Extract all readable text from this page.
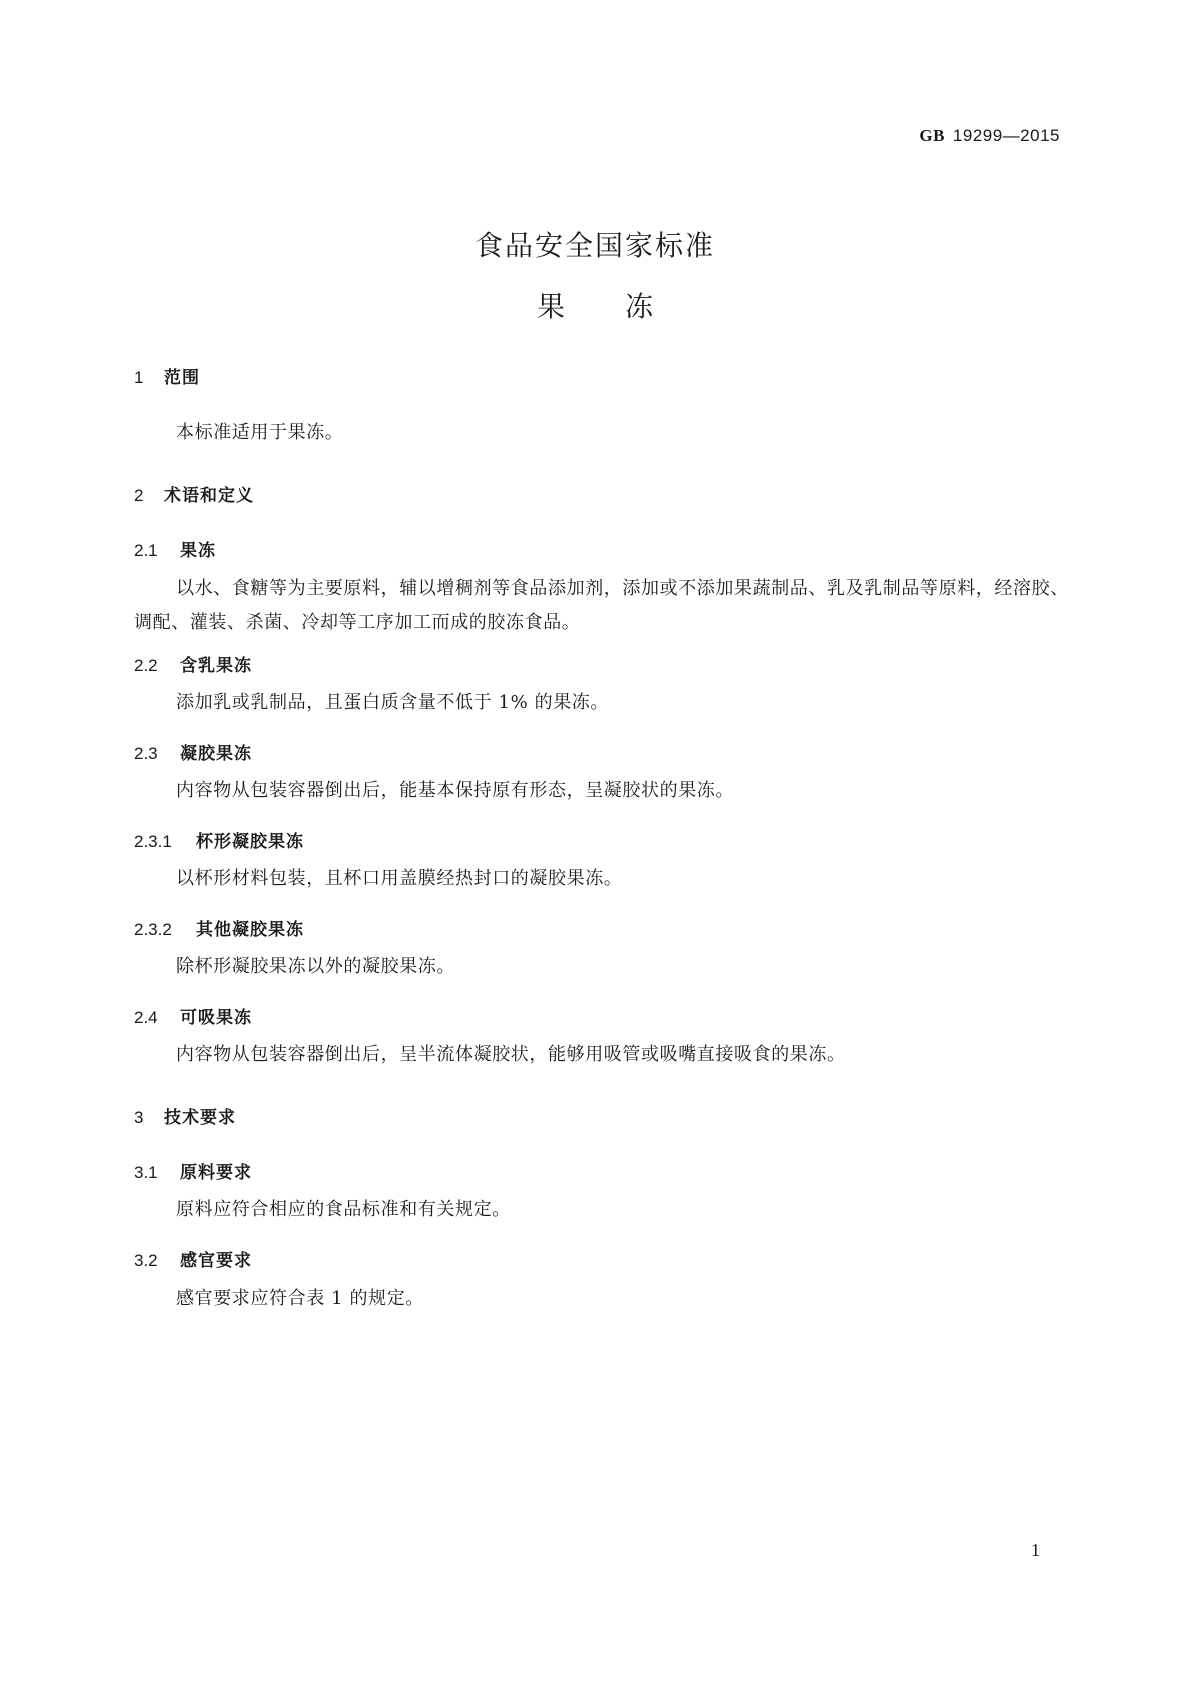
GB 19299—2015
食品安全国家标准
果 冻
1 范围
本标准适用于果冻。
2 术语和定义
2.1 果冻
以水、食糖等为主要原料，辅以增稠剂等食品添加剂，添加或不添加果蔬制品、乳及乳制品等原料，经溶胶、调配、灌装、杀菌、冷却等工序加工而成的胶冻食品。
2.2 含乳果冻
添加乳或乳制品，且蛋白质含量不低于 1% 的果冻。
2.3 凝胶果冻
内容物从包装容器倒出后，能基本保持原有形态，呈凝胶状的果冻。
2.3.1 杯形凝胶果冻
以杯形材料包装，且杯口用盖膜经热封口的凝胶果冻。
2.3.2 其他凝胶果冻
除杯形凝胶果冻以外的凝胶果冻。
2.4 可吸果冻
内容物从包装容器倒出后，呈半流体凝胶状，能够用吸管或吸嘴直接吸食的果冻。
3 技术要求
3.1 原料要求
原料应符合相应的食品标准和有关规定。
3.2 感官要求
感官要求应符合表 1 的规定。
1
